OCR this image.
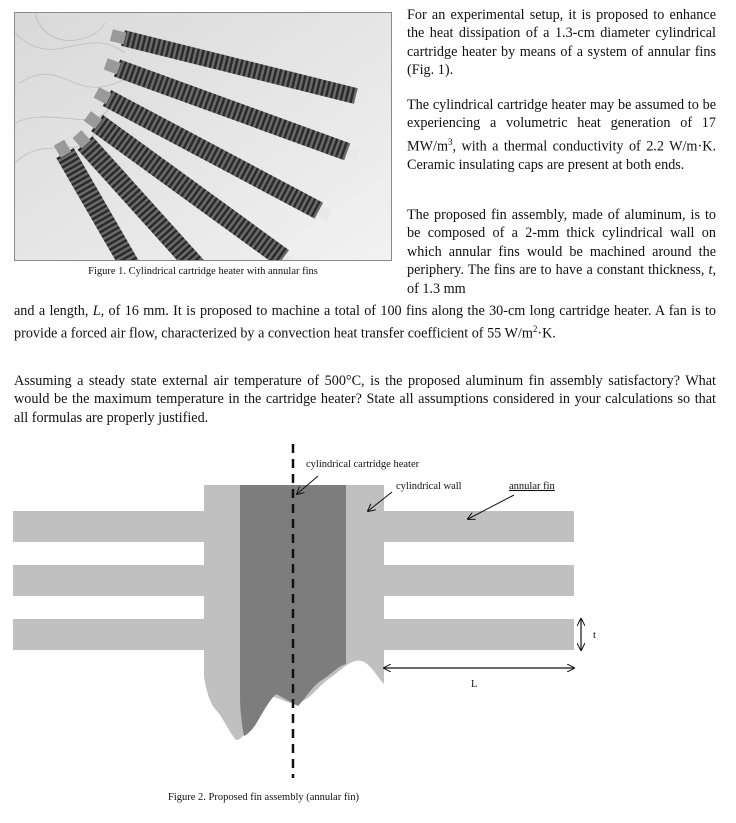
Figure 1. Cylindrical cartridge heater with annular fins

For an experimental setup, it is proposed to enhance the heat dissipation of a 1.3-cm diameter cylindrical cartridge heater by means of a system of annular fins (Fig. 1).

The cylindrical cartridge heater may be assumed to be experiencing a volumetric heat generation of 17 $MW/m^3$, with a thermal conductivity of 2.2 W/m·K. Ceramic insulating caps are present at both ends.

The proposed fin assembly, made of aluminum, is to be composed of a 2-mm thick cylindrical wall on which annular fins would be machined around the periphery. The fins are to have a constant thickness, t, of 1.3 mm

and a length, L, of 16 mm. It is proposed to machine a total of 100 fins along the 30-cm long cartridge heater. A fan is to provide a forced air flow, characterized by a convection heat transfer coefficient of 55 $W/m^2\cdot K$.

Assuming a steady state external air temperature of 500°C, is the proposed aluminum fin assembly satisfactory? What would be the maximum temperature in the cartridge heater? State all assumptions considered in your calculations so that all formulas are properly justified.

cylindrical cartridge heater
cylindrical wall	annular fin
t
L
Figure 2. Proposed fin assembly (annular fin)
